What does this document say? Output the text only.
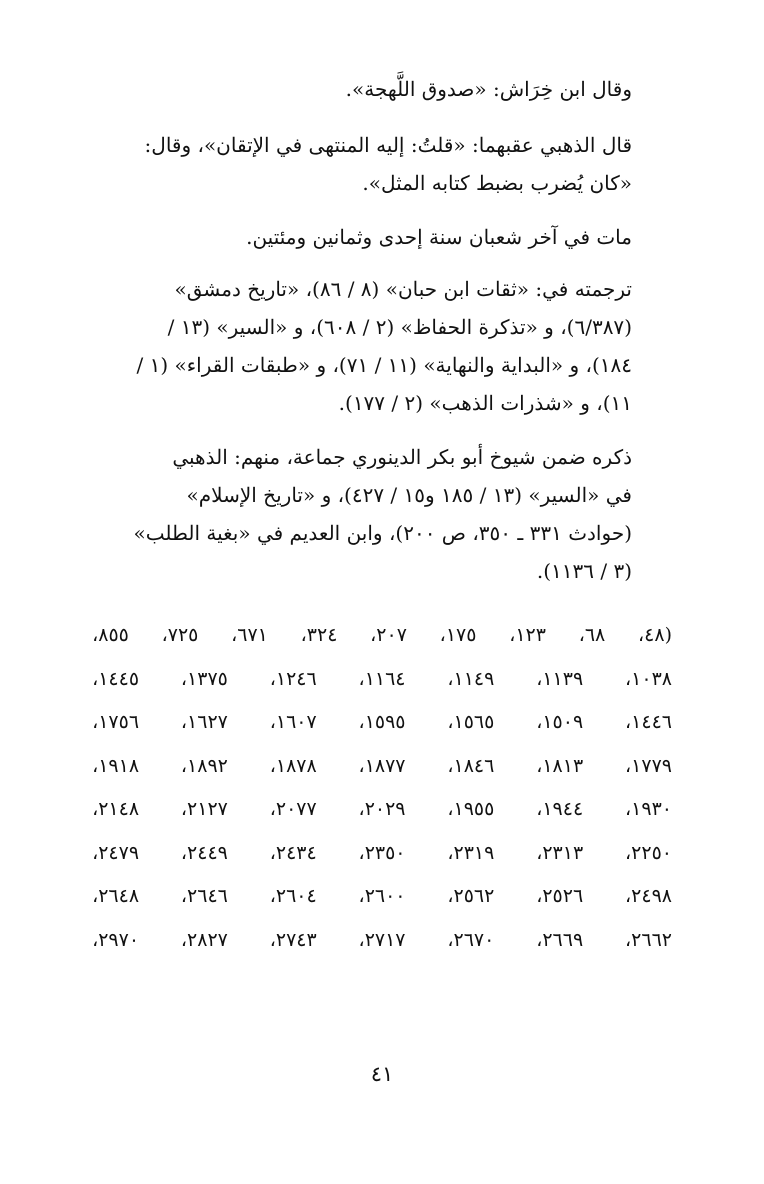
وقال ابن خِرَاش: «صدوق اللَّهجة».

قال الذهبي عقبهما: «قلتُ: إليه المنتهى في الإتقان»، وقال:
«كان يُضرب بضبط كتابه المثل».

مات في آخر شعبان سنة إحدى وثمانين ومئتين.

ترجمته في: «ثقات ابن حبان» (٨ / ٨٦)، «تاريخ دمشق»
(٦/٣٨٧)، و «تذكرة الحفاظ» (٢ / ٦٠٨)، و «السير» (١٣ /
١٨٤)، و «البداية والنهاية» (١١ / ٧١)، و «طبقات القراء» (١ /
١١)، و «شذرات الذهب» (٢ / ١٧٧).

ذكره ضمن شيوخ أبو بكر الدينوري جماعة، منهم: الذهبي
في «السير» (١٣ / ١٨٥ و١٥ / ٤٢٧)، و «تاريخ الإسلام»
(حوادث ٣٣١ ـ ٣٥٠، ص ٢٠٠)، وابن العديم في «بغية الطلب»
(٣ / ١١٣٦).

(٤٨،
٦٨،
١٢٣،
١٧٥،
٢٠٧،
٣٢٤،
٦٧١،
٧٢٥،
٨٥٥،
١٠٣٨،
١١٣٩،
١١٤٩،
١١٦٤،
١٢٤٦،
١٣٧٥،
١٤٤٥،
١٤٤٦،
١٥٠٩،
١٥٦٥،
١٥٩٥،
١٦٠٧،
١٦٢٧،
١٧٥٦،
١٧٧٩،
١٨١٣،
١٨٤٦،
١٨٧٧،
١٨٧٨،
١٨٩٢،
١٩١٨،
١٩٣٠،
١٩٤٤،
١٩٥٥،
٢٠٢٩،
٢٠٧٧،
٢١٢٧،
٢١٤٨،
٢٢٥٠،
٢٣١٣،
٢٣١٩،
٢٣٥٠،
٢٤٣٤،
٢٤٤٩،
٢٤٧٩،
٢٤٩٨،
٢٥٢٦،
٢٥٦٢،
٢٦٠٠،
٢٦٠٤،
٢٦٤٦،
٢٦٤٨،
٢٦٦٢،
٢٦٦٩،
٢٦٧٠،
٢٧١٧،
٢٧٤٣،
٢٨٢٧،
٢٩٧٠،
٤١
